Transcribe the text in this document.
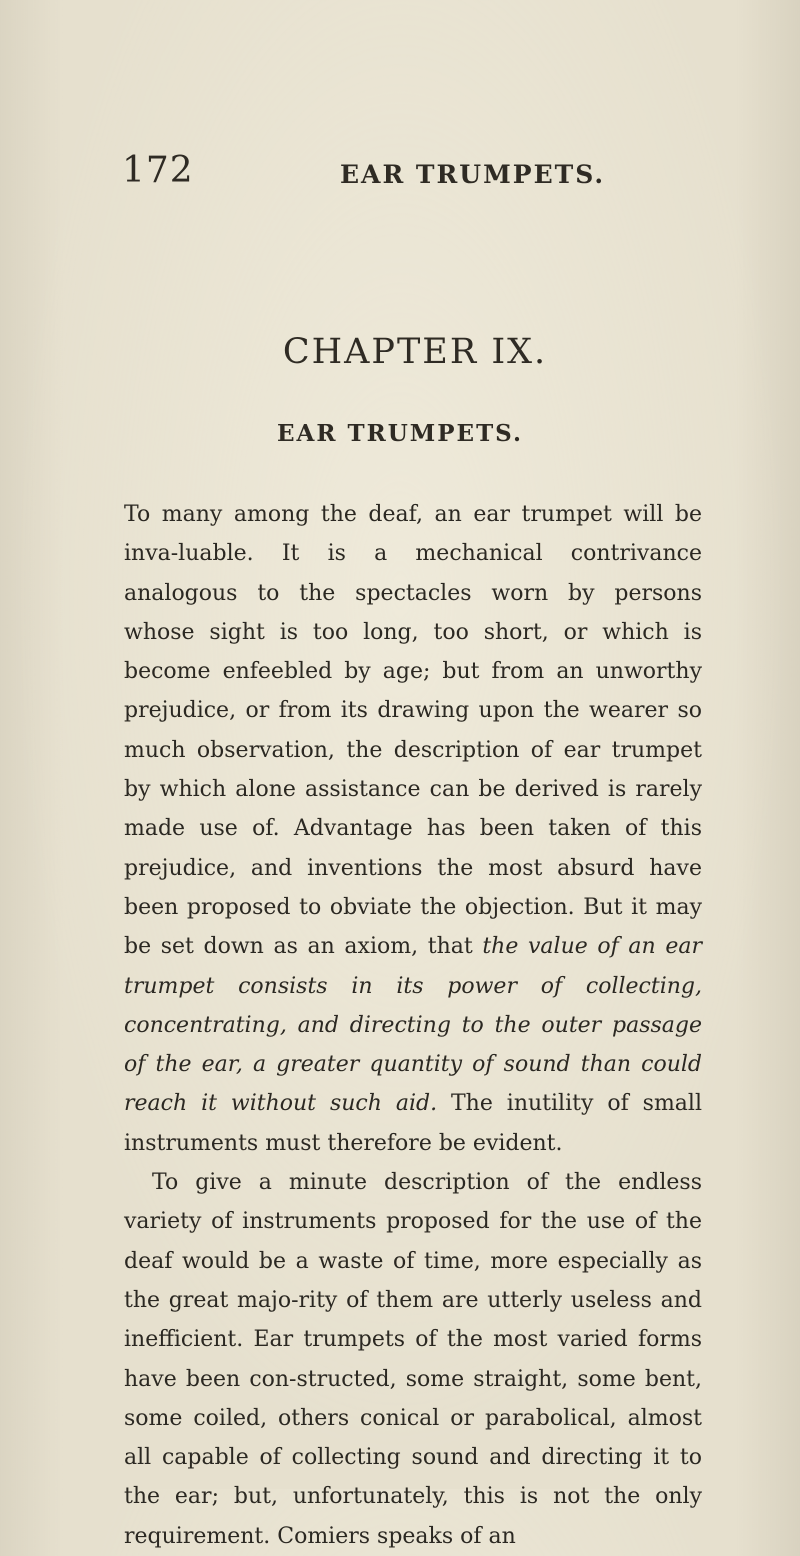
172	EAR TRUMPETS.
CHAPTER IX.
EAR TRUMPETS.

To many among the deaf, an ear trumpet will be inva-luable. It is a mechanical contrivance analogous to the spectacles worn by persons whose sight is too long, too short, or which is become enfeebled by age; but from an unworthy prejudice, or from its drawing upon the wearer so much observation, the description of ear trumpet by which alone assistance can be derived is rarely made use of. Advantage has been taken of this prejudice, and inventions the most absurd have been proposed to obviate the objection. But it may be set down as an axiom, that the value of an ear trumpet consists in its power of collecting, concentrating, and directing to the outer passage of the ear, a greater quantity of sound than could reach it without such aid. The inutility of small instruments must therefore be evident.

To give a minute description of the endless variety of instruments proposed for the use of the deaf would be a waste of time, more especially as the great majo-rity of them are utterly useless and inefficient. Ear trumpets of the most varied forms have been con-structed, some straight, some bent, some coiled, others conical or parabolical, almost all capable of collecting sound and directing it to the ear; but, unfortunately, this is not the only requirement. Comiers speaks of an
